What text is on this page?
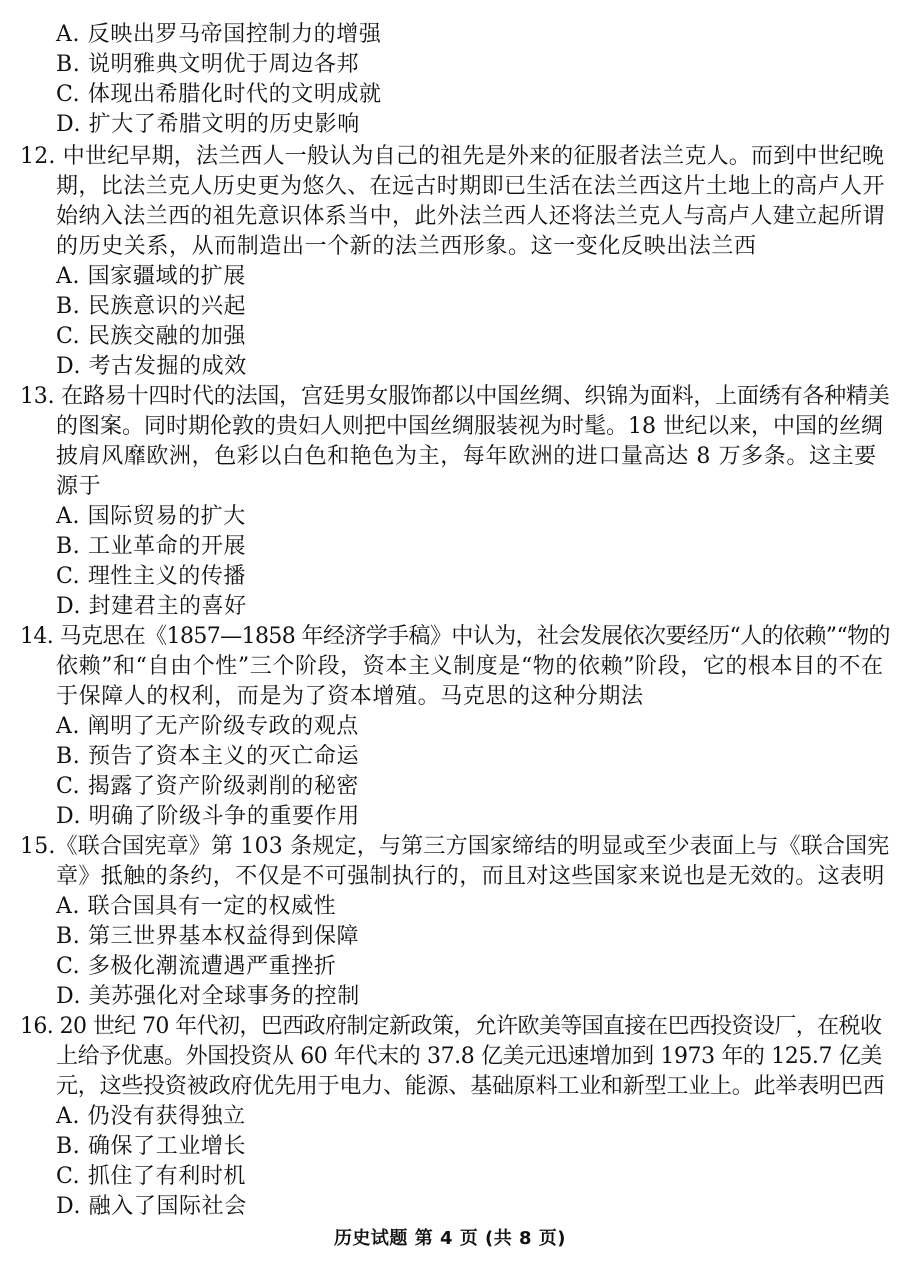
A. 反映出罗马帝国控制力的增强
B. 说明雅典文明优于周边各邦
C. 体现出希腊化时代的文明成就
D. 扩大了希腊文明的历史影响
12. 中世纪早期，法兰西人一般认为自己的祖先是外来的征服者法兰克人。而到中世纪晚
期，比法兰克人历史更为悠久、在远古时期即已生活在法兰西这片土地上的高卢人开
始纳入法兰西的祖先意识体系当中，此外法兰西人还将法兰克人与高卢人建立起所谓
的历史关系，从而制造出一个新的法兰西形象。这一变化反映出法兰西
A. 国家疆域的扩展
B. 民族意识的兴起
C. 民族交融的加强
D. 考古发掘的成效
13. 在路易十四时代的法国，宫廷男女服饰都以中国丝绸、织锦为面料，上面绣有各种精美
的图案。同时期伦敦的贵妇人则把中国丝绸服装视为时髦。18 世纪以来，中国的丝绸
披肩风靡欧洲，色彩以白色和艳色为主，每年欧洲的进口量高达 8 万多条。这主要
源于
A. 国际贸易的扩大
B. 工业革命的开展
C. 理性主义的传播
D. 封建君主的喜好
14. 马克思在《1857—1858 年经济学手稿》中认为，社会发展依次要经历“人的依赖”“物的
依赖”和“自由个性”三个阶段，资本主义制度是“物的依赖”阶段，它的根本目的不在
于保障人的权利，而是为了资本增殖。马克思的这种分期法
A. 阐明了无产阶级专政的观点
B. 预告了资本主义的灭亡命运
C. 揭露了资产阶级剥削的秘密
D. 明确了阶级斗争的重要作用
15.《联合国宪章》第 103 条规定，与第三方国家缔结的明显或至少表面上与《联合国宪
章》抵触的条约，不仅是不可强制执行的，而且对这些国家来说也是无效的。这表明
A. 联合国具有一定的权威性
B. 第三世界基本权益得到保障
C. 多极化潮流遭遇严重挫折
D. 美苏强化对全球事务的控制
16. 20 世纪 70 年代初，巴西政府制定新政策，允许欧美等国直接在巴西投资设厂，在税收
上给予优惠。外国投资从 60 年代末的 37.8 亿美元迅速增加到 1973 年的 125.7 亿美
元，这些投资被政府优先用于电力、能源、基础原料工业和新型工业上。此举表明巴西
A. 仍没有获得独立
B. 确保了工业增长
C. 抓住了有利时机
D. 融入了国际社会
历史试题 第 4 页 (共 8 页)
